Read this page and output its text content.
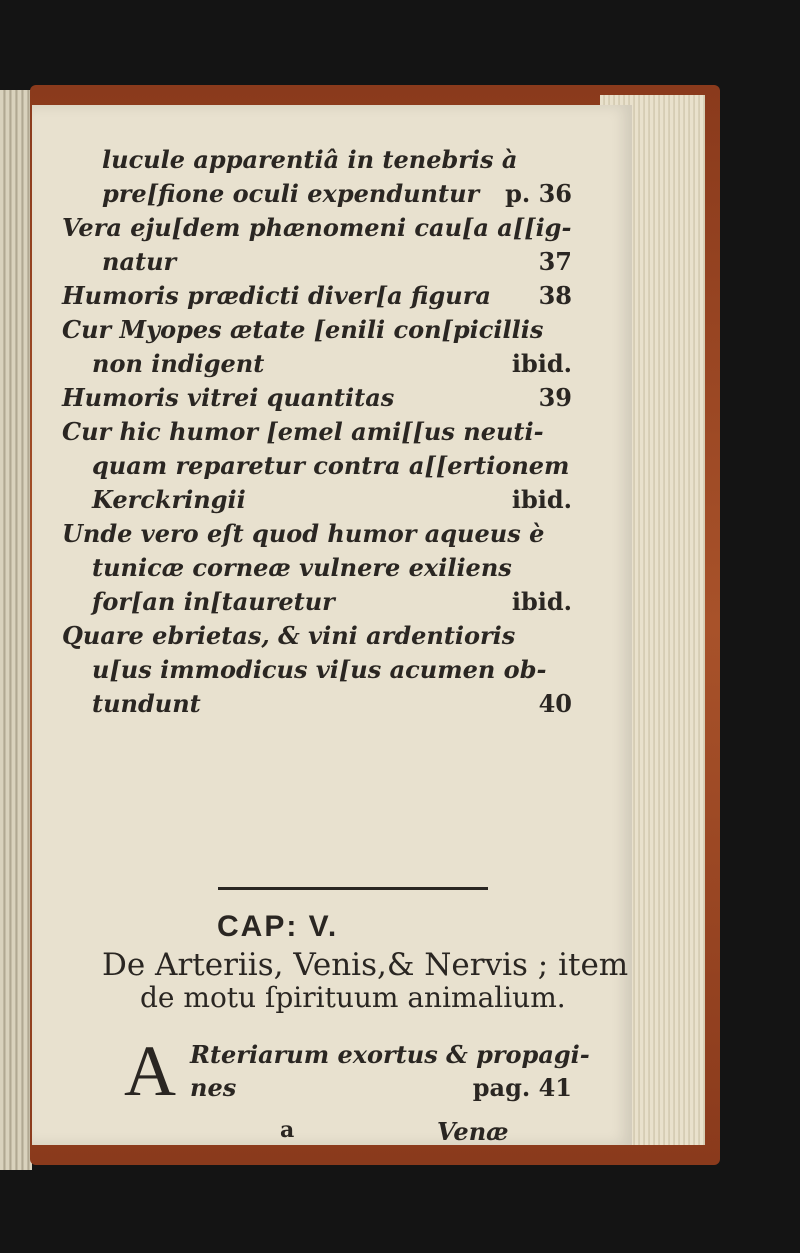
lucule apparentiâ in tenebris à
pre[fione oculi expenduntur p. 36
Vera eju[dem phænomeni cau[a a[[ig-
natur	37
Humoris prædicti diver[a figura 38
Cur Myopes ætate [enili con[picillis
non indigent	ibid.
Humoris vitrei quantitas	39
Cur hic humor [emel ami[[us neuti-
quam reparetur contra a[[ertionem
Kerckringii	ibid.
Unde vero eſt quod humor aqueus è
tunicæ corneæ vulnere exiliens
for[an in[tauretur	ibid.
Quare ebrietas, & vini ardentioris
u[us immodicus vi[us acumen ob-
tundunt	40
CAP: V.
De Arteriis, Venis,& Nervis ; item
de motu ſpirituum animalium.
A Rteriarum exortus & propagi-
nes	pag. 41
a	Venæ
